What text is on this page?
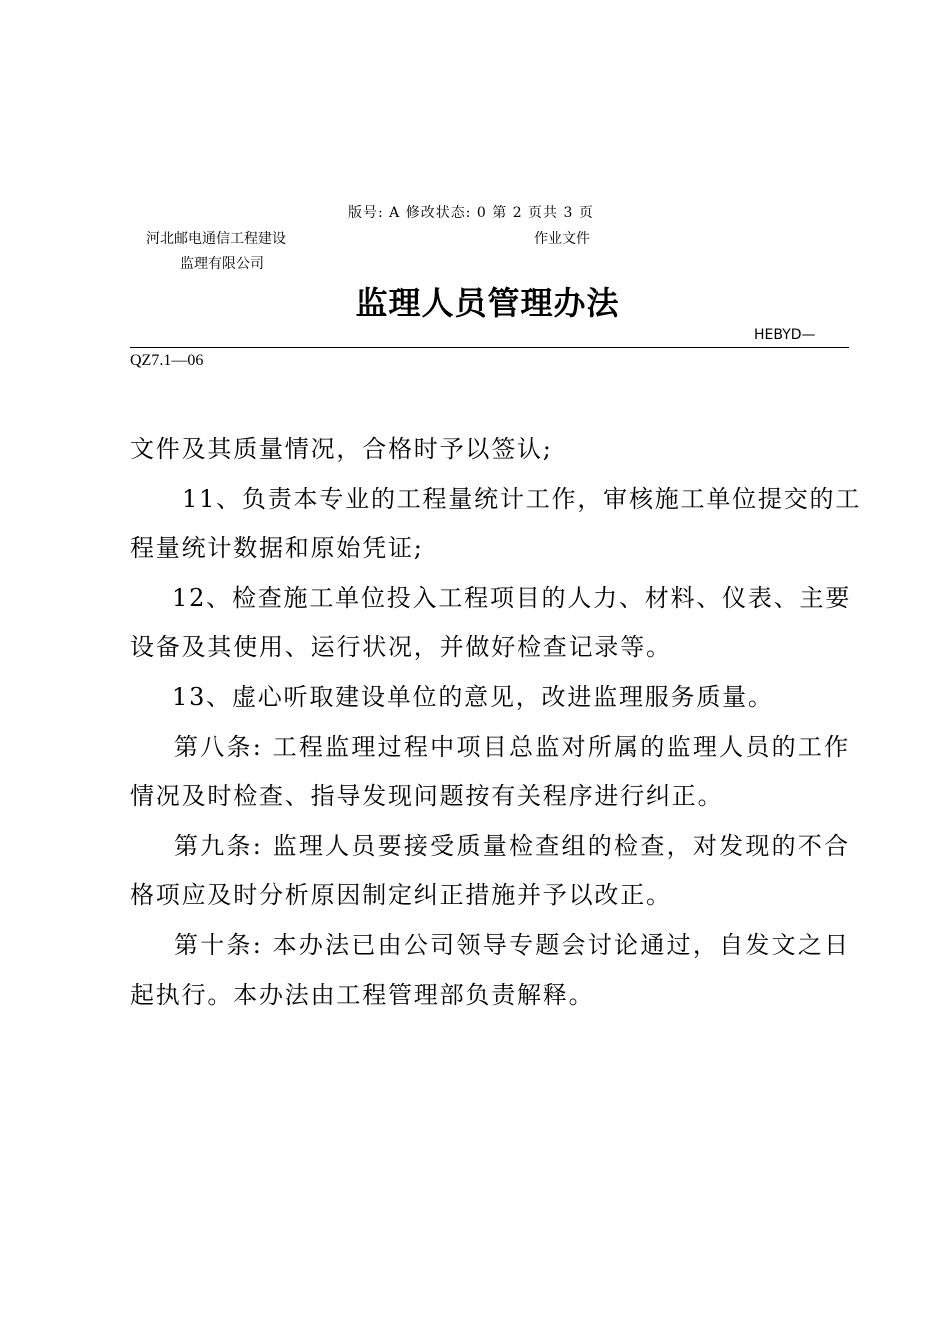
版号: A 修改状态: 0 第 2 页共 3 页
河北邮电通信工程建设	作业文件
监理有限公司
监理人员管理办法
HEBYD—
QZ7.1—06
文件及其质量情况，合格时予以签认;
11、负责本专业的工程量统计工作，审核施工单位提交的工
程量统计数据和原始凭证;
12、检查施工单位投入工程项目的人力、材料、仪表、主要
设备及其使用、运行状况，并做好检查记录等。
13、虚心听取建设单位的意见，改进监理服务质量。
第八条: 工程监理过程中项目总监对所属的监理人员的工作
情况及时检查、指导发现问题按有关程序进行纠正。
第九条: 监理人员要接受质量检查组的检查，对发现的不合
格项应及时分析原因制定纠正措施并予以改正。
第十条: 本办法已由公司领导专题会讨论通过，自发文之日
起执行。本办法由工程管理部负责解释。
